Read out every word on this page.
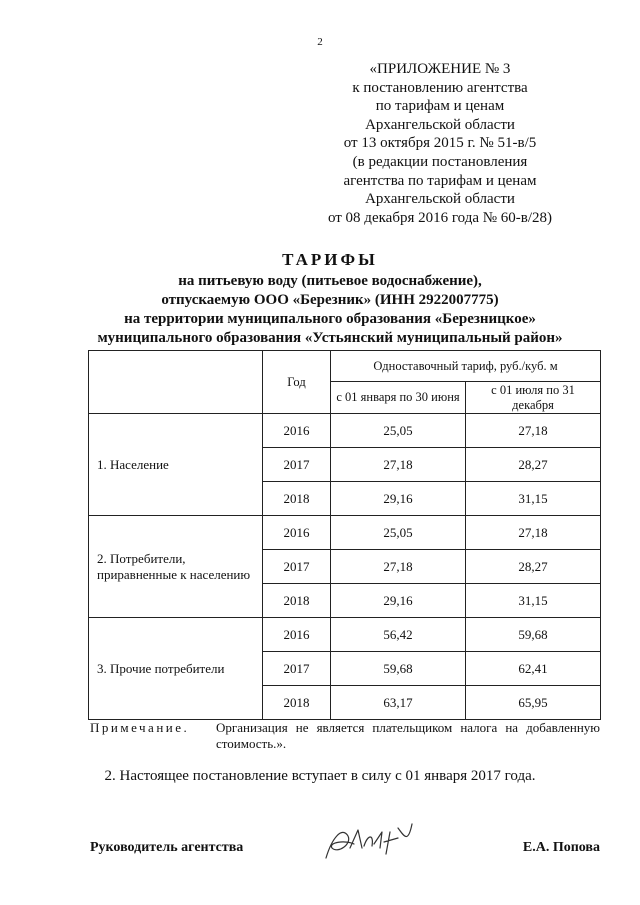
2
«ПРИЛОЖЕНИЕ № 3
к постановлению агентства
по тарифам и ценам
Архангельской области
от 13 октября 2015 г. № 51-в/5
(в редакции постановления
агентства по тарифам и ценам
Архангельской области
от 08 декабря 2016 года № 60-в/28)
ТАРИФЫ
на питьевую воду (питьевое водоснабжение),
отпускаемую ООО «Березник» (ИНН 2922007775)
на территории муниципального образования «Березницкое»
муниципального образования «Устьянский муниципальный район»
	Год	Одноставочный тариф, руб./куб. м	
		с 01 января по 30 июня	с 01 июля по 31 декабря
1. Население	2016	25,05	27,18
	2017	27,18	28,27
	2018	29,16	31,15
2. Потребители, приравненные к населению	2016	25,05	27,18
	2017	27,18	28,27
	2018	29,16	31,15
3. Прочие потребители	2016	56,42	59,68
	2017	59,68	62,41
	2018	63,17	65,95
Примечание. Организация не является плательщиком налога на добавленную стоимость.».
2. Настоящее постановление вступает в силу с 01 января 2017 года.
Руководитель агентства	Е.А. Попова
